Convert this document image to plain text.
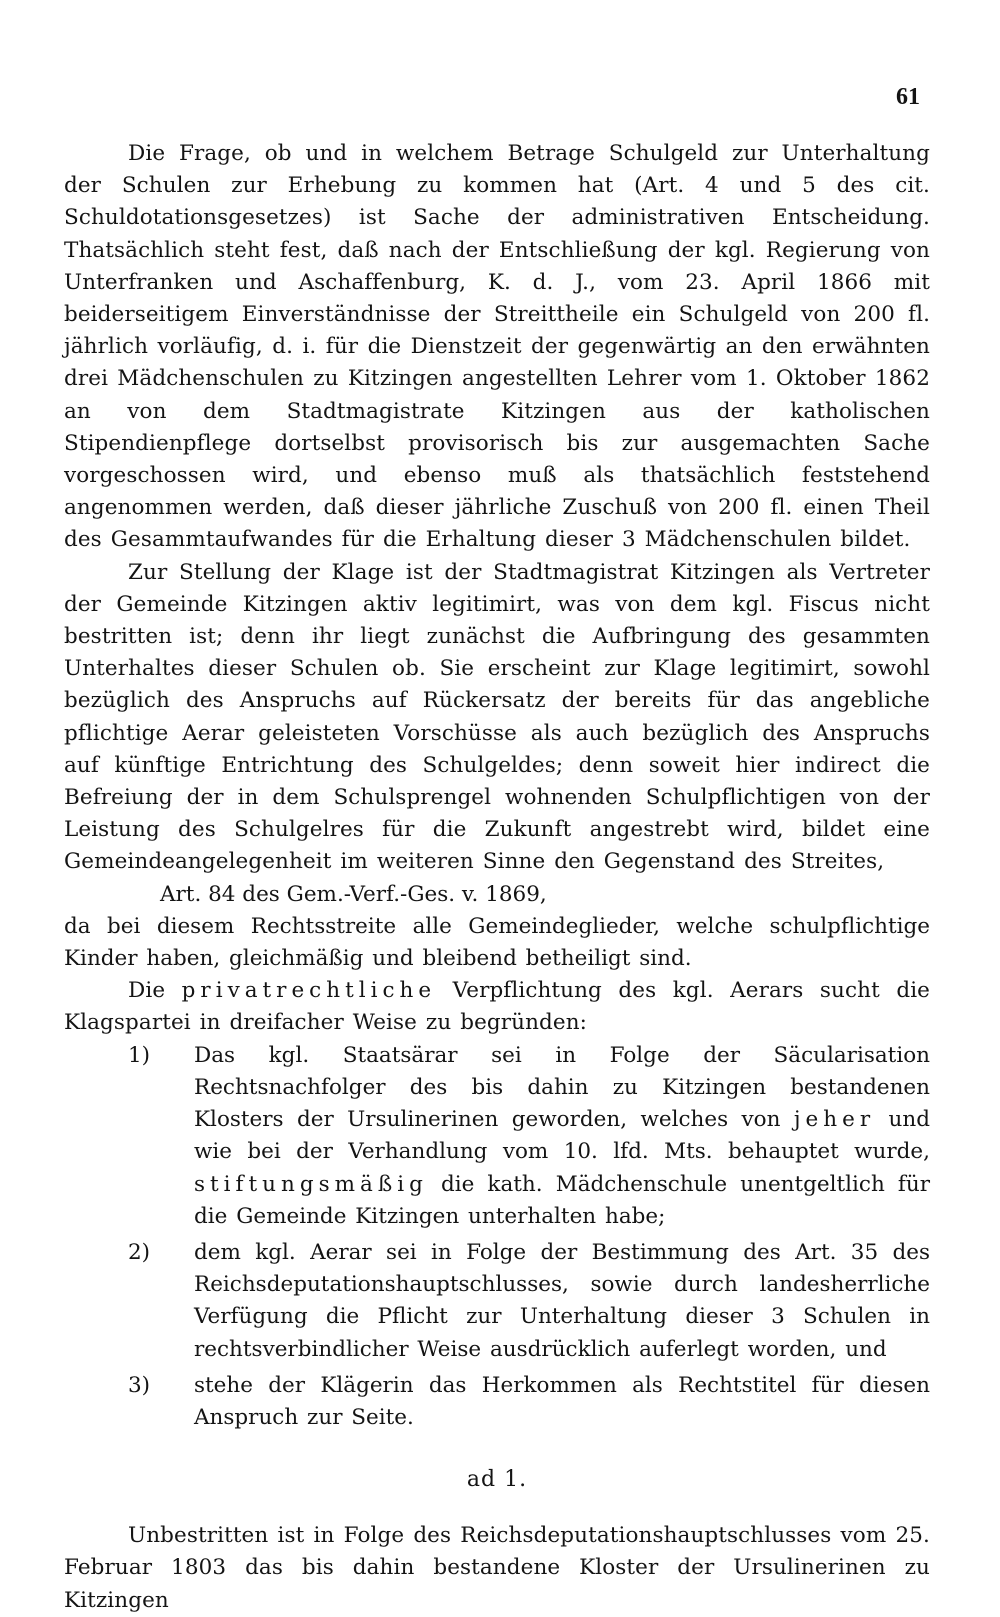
61

Die Frage, ob und in welchem Betrage Schulgeld zur Unterhaltung der Schulen zur Erhebung zu kommen hat (Art. 4 und 5 des cit. Schuldotationsgesetzes) ist Sache der administrativen Entscheidung. Thatsächlich steht fest, daß nach der Entschließung der kgl. Regierung von Unterfranken und Aschaffenburg, K. d. J., vom 23. April 1866 mit beiderseitigem Einverständnisse der Streittheile ein Schulgeld von 200 fl. jährlich vorläufig, d. i. für die Dienstzeit der gegenwärtig an den erwähnten drei Mädchenschulen zu Kitzingen angestellten Lehrer vom 1. Oktober 1862 an von dem Stadtmagistrate Kitzingen aus der katholischen Stipendienpflege dortselbst provisorisch bis zur ausgemachten Sache vorgeschossen wird, und ebenso muß als thatsächlich feststehend angenommen werden, daß dieser jährliche Zuschuß von 200 fl. einen Theil des Gesammtaufwandes für die Erhaltung dieser 3 Mädchenschulen bildet.

Zur Stellung der Klage ist der Stadtmagistrat Kitzingen als Vertreter der Gemeinde Kitzingen aktiv legitimirt, was von dem kgl. Fiscus nicht bestritten ist; denn ihr liegt zunächst die Aufbringung des gesammten Unterhaltes dieser Schulen ob. Sie erscheint zur Klage legitimirt, sowohl bezüglich des Anspruchs auf Rückersatz der bereits für das angebliche pflichtige Aerar geleisteten Vorschüsse als auch bezüglich des Anspruchs auf künftige Entrichtung des Schulgeldes; denn soweit hier indirect die Befreiung der in dem Schulsprengel wohnenden Schulpflichtigen von der Leistung des Schulgelres für die Zukunft angestrebt wird, bildet eine Gemeindeangelegenheit im weiteren Sinne den Gegenstand des Streites,

Art. 84 des Gem.-Verf.-Ges. v. 1869,

da bei diesem Rechtsstreite alle Gemeindeglieder, welche schulpflichtige Kinder haben, gleichmäßig und bleibend betheiligt sind.

Die privatrechtliche Verpflichtung des kgl. Aerars sucht die Klagspartei in dreifacher Weise zu begründen:

1) Das kgl. Staatsärar sei in Folge der Säcularisation Rechtsnachfolger des bis dahin zu Kitzingen bestandenen Klosters der Ursulinerinen geworden, welches von jeher und wie bei der Verhandlung vom 10. lfd. Mts. behauptet wurde, stiftungsmäßig die kath. Mädchenschule unentgeltlich für die Gemeinde Kitzingen unterhalten habe;
2) dem kgl. Aerar sei in Folge der Bestimmung des Art. 35 des Reichsdeputationshauptschlusses, sowie durch landesherrliche Verfügung die Pflicht zur Unterhaltung dieser 3 Schulen in rechtsverbindlicher Weise ausdrücklich auferlegt worden, und
3) stehe der Klägerin das Herkommen als Rechtstitel für diesen Anspruch zur Seite.
ad 1.

Unbestritten ist in Folge des Reichsdeputationshauptschlusses vom 25. Februar 1803 das bis dahin bestandene Kloster der Ursulinerinen zu Kitzingen
